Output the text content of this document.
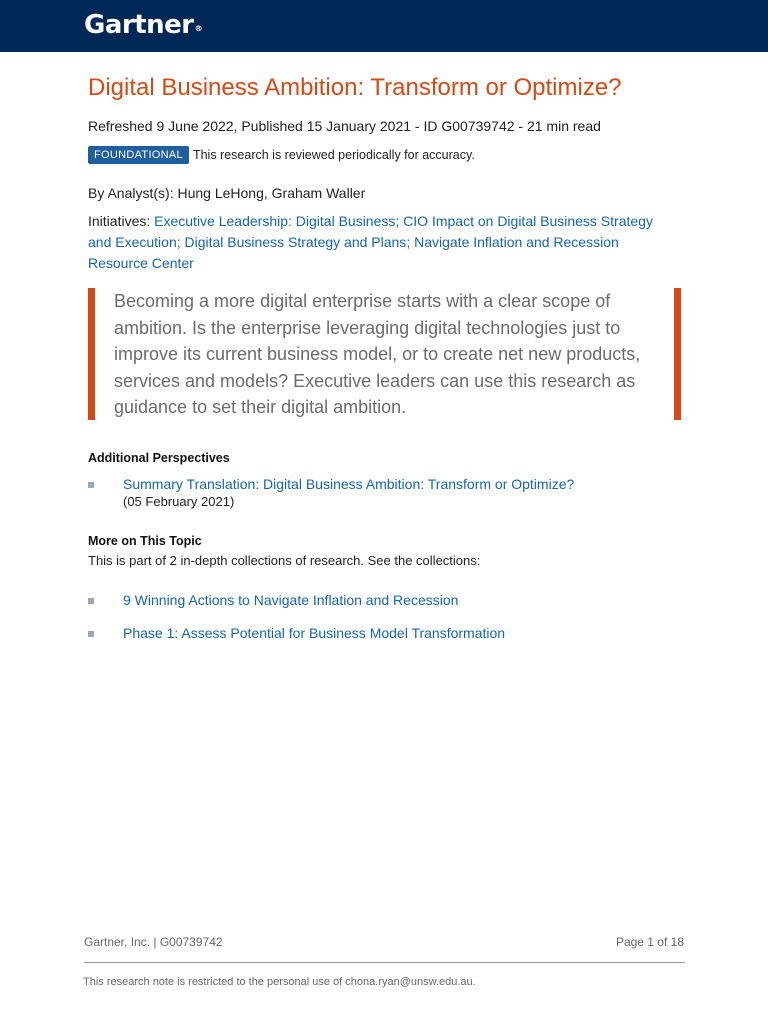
Gartner®
Digital Business Ambition: Transform or Optimize?
Refreshed 9 June 2022, Published 15 January 2021 - ID G00739742 - 21 min read
FOUNDATIONAL This research is reviewed periodically for accuracy.
By Analyst(s): Hung LeHong, Graham Waller
Initiatives: Executive Leadership: Digital Business; CIO Impact on Digital Business Strategy and Execution; Digital Business Strategy and Plans; Navigate Inflation and Recession Resource Center

Becoming a more digital enterprise starts with a clear scope of ambition. Is the enterprise leveraging digital technologies just to improve its current business model, or to create net new products, services and models? Executive leaders can use this research as guidance to set their digital ambition.

Additional Perspectives
Summary Translation: Digital Business Ambition: Transform or Optimize?
(05 February 2021)
More on This Topic
This is part of 2 in-depth collections of research. See the collections:
9 Winning Actions to Navigate Inflation and Recession
Phase 1: Assess Potential for Business Model Transformation
Gartner, Inc. | G00739742	Page 1 of 18
This research note is restricted to the personal use of chona.ryan@unsw.edu.au.
